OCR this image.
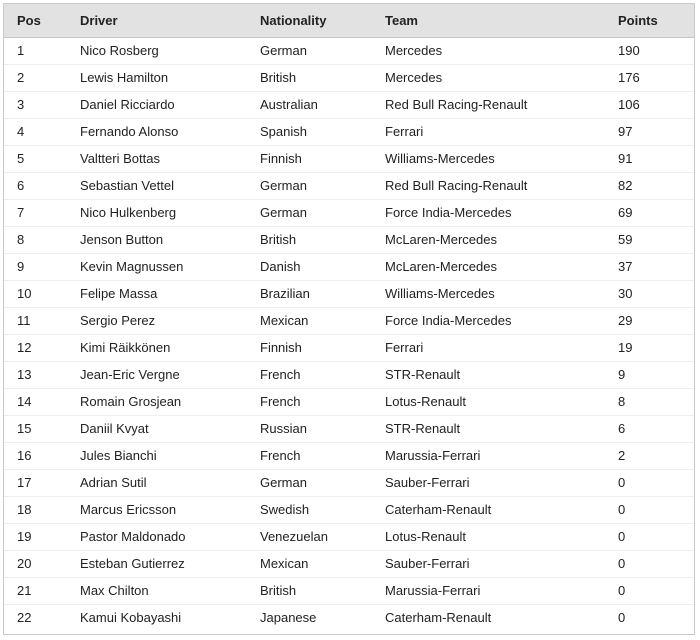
Pos	Driver	Nationality	Team	Points
1	Nico Rosberg	German	Mercedes	190
2	Lewis Hamilton	British	Mercedes	176
3	Daniel Ricciardo	Australian	Red Bull Racing-Renault	106
4	Fernando Alonso	Spanish	Ferrari	97
5	Valtteri Bottas	Finnish	Williams-Mercedes	91
6	Sebastian Vettel	German	Red Bull Racing-Renault	82
7	Nico Hulkenberg	German	Force India-Mercedes	69
8	Jenson Button	British	McLaren-Mercedes	59
9	Kevin Magnussen	Danish	McLaren-Mercedes	37
10	Felipe Massa	Brazilian	Williams-Mercedes	30
11	Sergio Perez	Mexican	Force India-Mercedes	29
12	Kimi Räikkönen	Finnish	Ferrari	19
13	Jean-Eric Vergne	French	STR-Renault	9
14	Romain Grosjean	French	Lotus-Renault	8
15	Daniil Kvyat	Russian	STR-Renault	6
16	Jules Bianchi	French	Marussia-Ferrari	2
17	Adrian Sutil	German	Sauber-Ferrari	0
18	Marcus Ericsson	Swedish	Caterham-Renault	0
19	Pastor Maldonado	Venezuelan	Lotus-Renault	0
20	Esteban Gutierrez	Mexican	Sauber-Ferrari	0
21	Max Chilton	British	Marussia-Ferrari	0
22	Kamui Kobayashi	Japanese	Caterham-Renault	0
